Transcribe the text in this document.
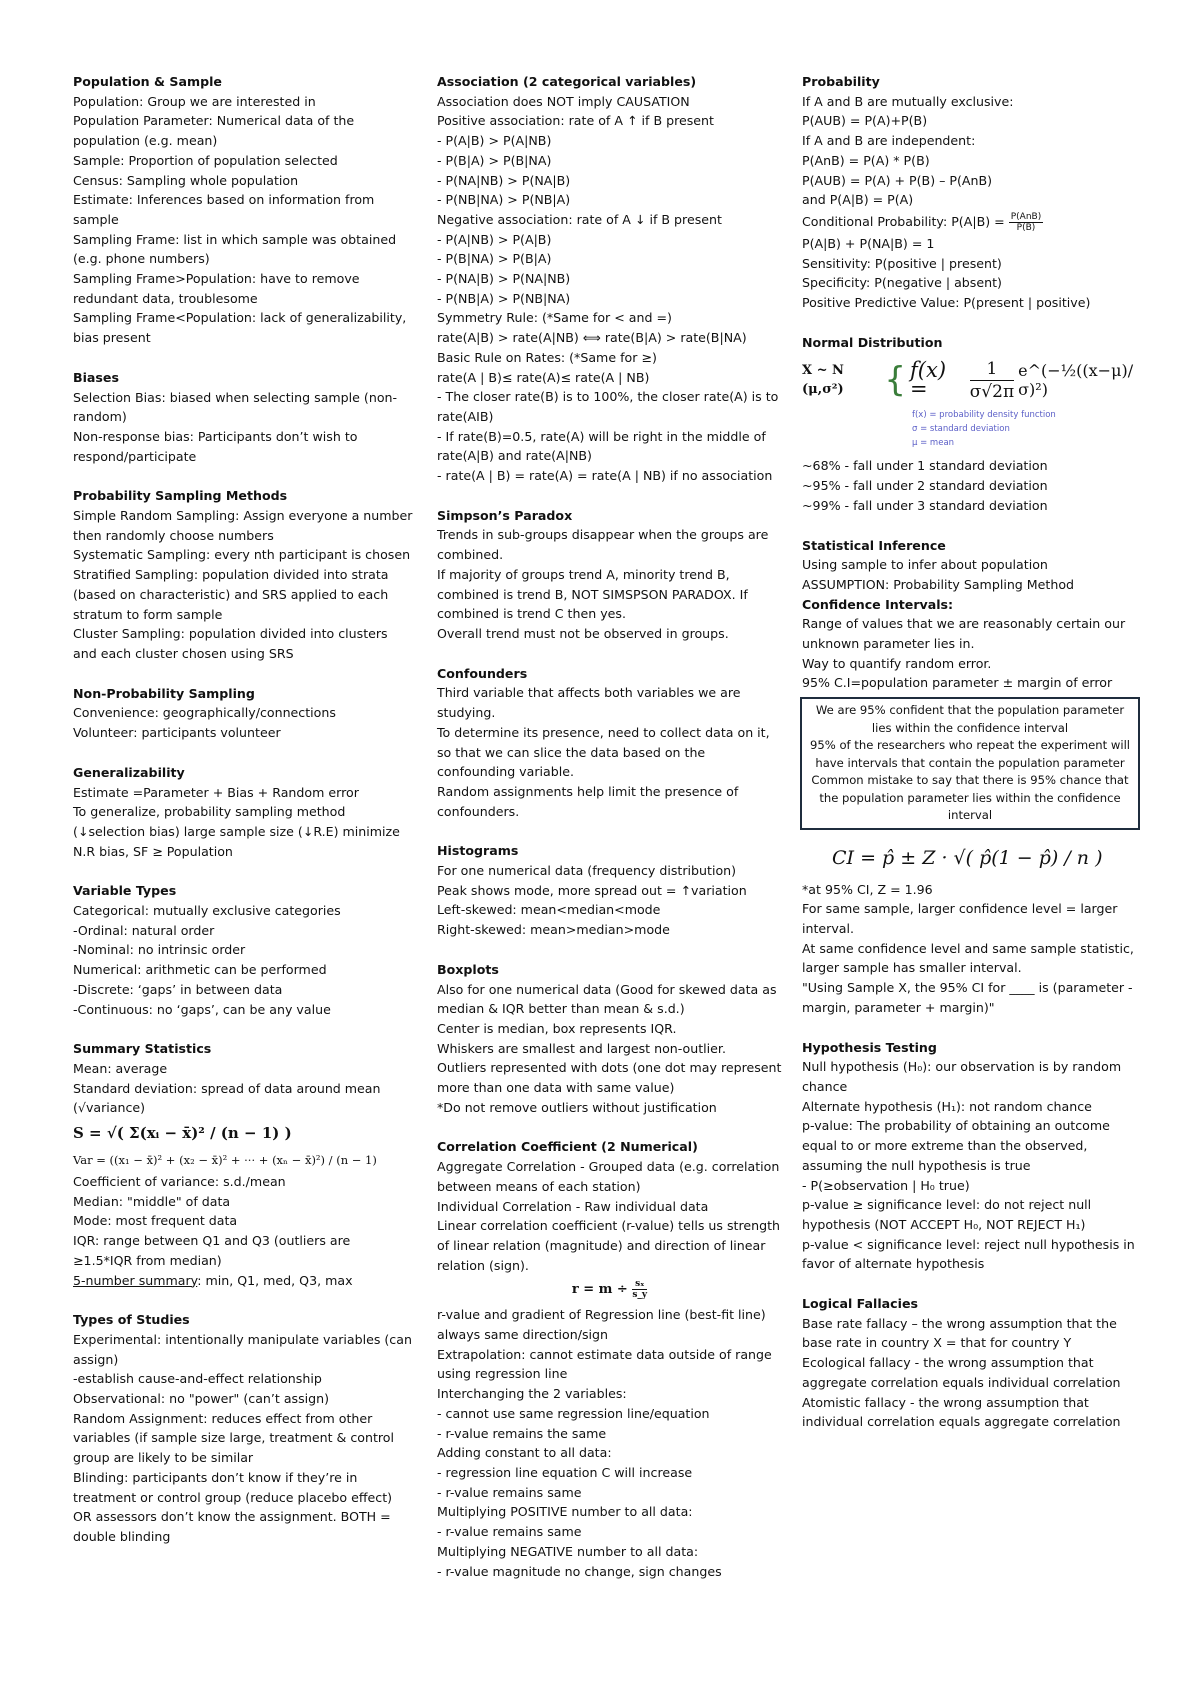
Population & Sample
Population: Group we are interested in
Population Parameter: Numerical data of the population (e.g. mean)
Sample: Proportion of population selected
Census: Sampling whole population
Estimate: Inferences based on information from sample
Sampling Frame: list in which sample was obtained (e.g. phone numbers)
Sampling Frame>Population: have to remove redundant data, troublesome
Sampling Frame<Population: lack of generalizability, bias present
Biases
Selection Bias: biased when selecting sample (non-random)
Non-response bias: Participants don’t wish to respond/participate
Probability Sampling Methods
Simple Random Sampling: Assign everyone a number then randomly choose numbers
Systematic Sampling: every nth participant is chosen
Stratified Sampling: population divided into strata (based on characteristic) and SRS applied to each stratum to form sample
Cluster Sampling: population divided into clusters and each cluster chosen using SRS
Non-Probability Sampling
Convenience: geographically/connections
Volunteer: participants volunteer
Generalizability
Estimate =Parameter + Bias + Random error
To generalize, probability sampling method (↓selection bias) large sample size (↓R.E) minimize N.R bias, SF ≥ Population
Variable Types
Categorical: mutually exclusive categories
-Ordinal: natural order
-Nominal: no intrinsic order
Numerical: arithmetic can be performed
-Discrete: ‘gaps’ in between data
-Continuous: no ‘gaps’, can be any value
Summary Statistics
Mean: average
Standard deviation: spread of data around mean (√variance)
S = √( Σ(xᵢ − x̄)² / (n − 1) )
Var = ((x₁ − x̄)² + (x₂ − x̄)² + ··· + (xₙ − x̄)²) / (n − 1)
Coefficient of variance: s.d./mean
Median: "middle" of data
Mode: most frequent data
IQR: range between Q1 and Q3 (outliers are ≥1.5*IQR from median)
5-number summary: min, Q1, med, Q3, max
Types of Studies
Experimental: intentionally manipulate variables (can assign)
-establish cause-and-effect relationship
Observational: no "power" (can’t assign)
Random Assignment: reduces effect from other variables (if sample size large, treatment & control group are likely to be similar
Blinding: participants don’t know if they’re in treatment or control group (reduce placebo effect) OR assessors don’t know the assignment. BOTH = double blinding
Association (2 categorical variables)
Association does NOT imply CAUSATION
Positive association: rate of A ↑ if B present
- P(A|B) > P(A|NB)
- P(B|A) > P(B|NA)
- P(NA|NB) > P(NA|B)
- P(NB|NA) > P(NB|A)
Negative association: rate of A ↓ if B present
- P(A|NB) > P(A|B)
- P(B|NA) > P(B|A)
- P(NA|B) > P(NA|NB)
- P(NB|A) > P(NB|NA)
Symmetry Rule: (*Same for < and =)
rate(A|B) > rate(A|NB) ⟺ rate(B|A) > rate(B|NA)
Basic Rule on Rates: (*Same for ≥)
rate(A | B)≤ rate(A)≤ rate(A | NB)
- The closer rate(B) is to 100%, the closer rate(A) is to rate(AIB)
- If rate(B)=0.5, rate(A) will be right in the middle of rate(A|B) and rate(A|NB)
- rate(A | B) = rate(A) = rate(A | NB) if no association
Simpson’s Paradox
Trends in sub-groups disappear when the groups are combined.
If majority of groups trend A, minority trend B, combined is trend B, NOT SIMSPSON PARADOX. If combined is trend C then yes.
Overall trend must not be observed in groups.
Confounders
Third variable that affects both variables we are studying.
To determine its presence, need to collect data on it, so that we can slice the data based on the confounding variable.
Random assignments help limit the presence of confounders.
Histograms
For one numerical data (frequency distribution)
Peak shows mode, more spread out = ↑variation
Left-skewed: mean<median<mode
Right-skewed: mean>median>mode
Boxplots
Also for one numerical data (Good for skewed data as median & IQR better than mean & s.d.)
Center is median, box represents IQR.
Whiskers are smallest and largest non-outlier.
Outliers represented with dots (one dot may represent more than one data with same value)
*Do not remove outliers without justification
Correlation Coefficient (2 Numerical)
Aggregate Correlation - Grouped data (e.g. correlation between means of each station)
Individual Correlation - Raw individual data
Linear correlation coefficient (r-value) tells us strength of linear relation (magnitude) and direction of linear relation (sign).
$r = m \div \frac{\text{sₓ}}{s\_y}$
r-value and gradient of Regression line (best-fit line) always same direction/sign
Extrapolation: cannot estimate data outside of range using regression line
Interchanging the 2 variables:
- cannot use same regression line/equation
- r-value remains the same
Adding constant to all data:
- regression line equation C will increase
- r-value remains same
Multiplying POSITIVE number to all data:
- r-value remains same
Multiplying NEGATIVE number to all data:
- r-value magnitude no change, sign changes
Probability
If A and B are mutually exclusive:
P(AUB) = P(A)+P(B)
If A and B are independent:
P(AnB) = P(A) * P(B)
P(AUB) = P(A) + P(B) – P(AnB)
and P(A|B) = P(A)
Conditional Probability: $P(A|B) = \frac{\text{P(AnB)}}{P(B)}$
P(A|B) + P(NA|B) = 1
Sensitivity: P(positive | present)
Specificity: P(negative | absent)
Positive Predictive Value: P(present | positive)
Normal Distribution
X ~ N (μ,σ²)	{ f(x) =	$\frac{1}{\sigma√2\pi}$ e^(−½((x−μ)/σ)²)
f(x) = probability density function
σ = standard deviation
μ = mean
~68% - fall under 1 standard deviation
~95% - fall under 2 standard deviation
~99% - fall under 3 standard deviation
Statistical Inference
Using sample to infer about population
ASSUMPTION: Probability Sampling Method
Confidence Intervals:
Range of values that we are reasonably certain our unknown parameter lies in.
Way to quantify random error.
95% C.I=population parameter ± margin of error
We are 95% confident that the population parameter lies within the confidence interval
95% of the researchers who repeat the experiment will have intervals that contain the population parameter
Common mistake to say that there is 95% chance that the population parameter lies within the confidence interval
CI = p̂ ± Z · √( p̂(1 − p̂) / n )
*at 95% CI, Z = 1.96
For same sample, larger confidence level = larger interval.
At same confidence level and same sample statistic, larger sample has smaller interval.
"Using Sample X, the 95% CI for ____ is (parameter - margin, parameter + margin)"
Hypothesis Testing
Null hypothesis (H₀): our observation is by random chance
Alternate hypothesis (H₁): not random chance
p-value: The probability of obtaining an outcome equal to or more extreme than the observed, assuming the null hypothesis is true
- P(≥observation | H₀ true)
p-value ≥ significance level: do not reject null hypothesis (NOT ACCEPT H₀, NOT REJECT H₁)
p-value < significance level: reject null hypothesis in favor of alternate hypothesis
Logical Fallacies
Base rate fallacy – the wrong assumption that the base rate in country X = that for country Y
Ecological fallacy - the wrong assumption that aggregate correlation equals individual correlation
Atomistic fallacy - the wrong assumption that individual correlation equals aggregate correlation
